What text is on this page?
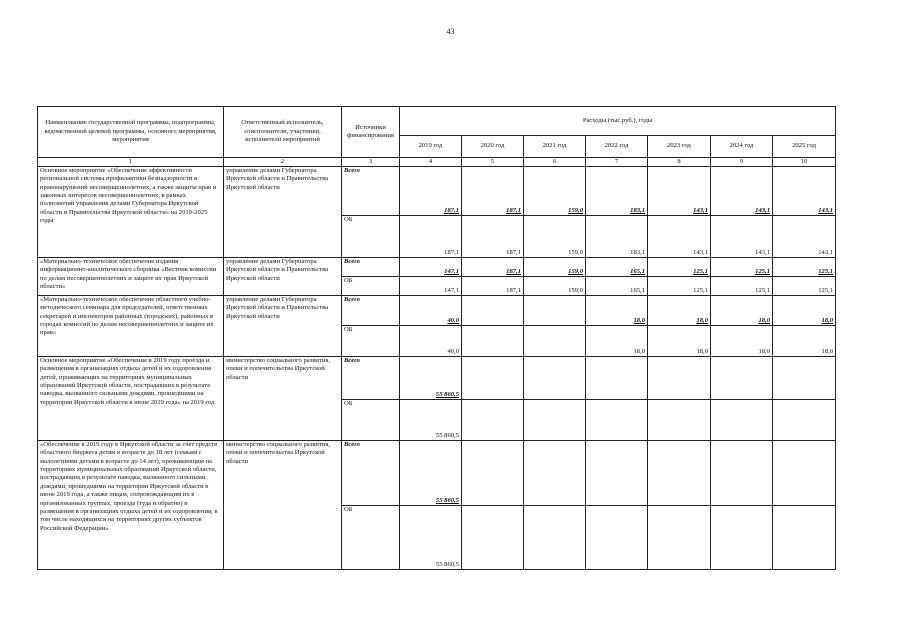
43
Наименование государственной программы, подпрограммы, ведомственной целевой программы, основного мероприятия, мероприятия	Ответственный исполнитель, соисполнители, участники, исполнители мероприятий	Источники финансирования	Расходы (тыс.руб.), годы						
			2019 год	2020 год	2021 год	2022 год	2023 год	2024 год	2025 год
1	2	3	4	5	6	7	8	9	10
Основное мероприятие «Обеспечение эффективности региональной системы профилактики безнадзорности и правонарушений несовершеннолетних, а также защиты прав и законных интересов несовершеннолетних, в рамках полномочий управления делами Губернатора Иркутской области и Правительства Иркутской области» на 2019-2025 годы	управление делами Губернатора Иркутской области и Правительства Иркутской области	Всего	187,1	187,1	159,0	183,1	143,1	143,1	143,1
		ОБ	187,1	187,1	159,0	183,1	143,1	143,1	143,1
«Материально-техническое обеспечение издания информационно-аналитического сборника «Вестник комиссии по делам несовершеннолетних и защите их прав Иркутской области»	управление делами Губернатора Иркутской области и Правительства Иркутской области	Всего	147,1	187,1	159,0	165,1	125,1	125,1	125,1
		ОБ	147,1	187,1	159,0	165,1	125,1	125,1	125,1
«Материально-техническое обеспечение областного учебно-методического семинара для председателей, ответственных секретарей и инспекторов районных (городских), районных в городах комиссий по делам несовершеннолетних и защите их прав»	управление делами Губернатора Иркутской области и Правительства Иркутской области	Всего	40,0			18,0	18,0	18,0	18,0
		ОБ	40,0			18,0	18,0	18,0	18,0
Основное мероприятие «Обеспечение в 2019 году проезда и размещения в организациях отдыха детей и их оздоровления детей, проживающих на территориях муниципальных образований Иркутской области, пострадавших в результате паводка, вызванного сильными дождями, прошедшими на территории Иркутской области в июне 2019 года» на 2019 год	министерство социального развития, опеки и попечительства Иркутской области	Всего	55 860,5						
		ОБ	55 860,5						
«Обеспечение в 2019 году в Иркутской области за счет средств областного бюджета детям в возрасте до 18 лет (семьям с малолетними детьми в возрасте до 14 лет), проживающим на территориях муниципальных образований Иркутской области, пострадавших в результате паводка, вызванного сильными дождями, прошедшими на территории Иркутской области в июне 2019 года, а также лицам, сопровождающим их в организованных группах, проезда (туда и обратно) и размещения в организациях отдыха детей и их оздоровления, в том числе находящихся на территориях других субъектов Российской Федерации»	министерство социального развития, опеки и попечительства Иркутской области	Всего	55 860,5						
		ОБ	55 860,5						
